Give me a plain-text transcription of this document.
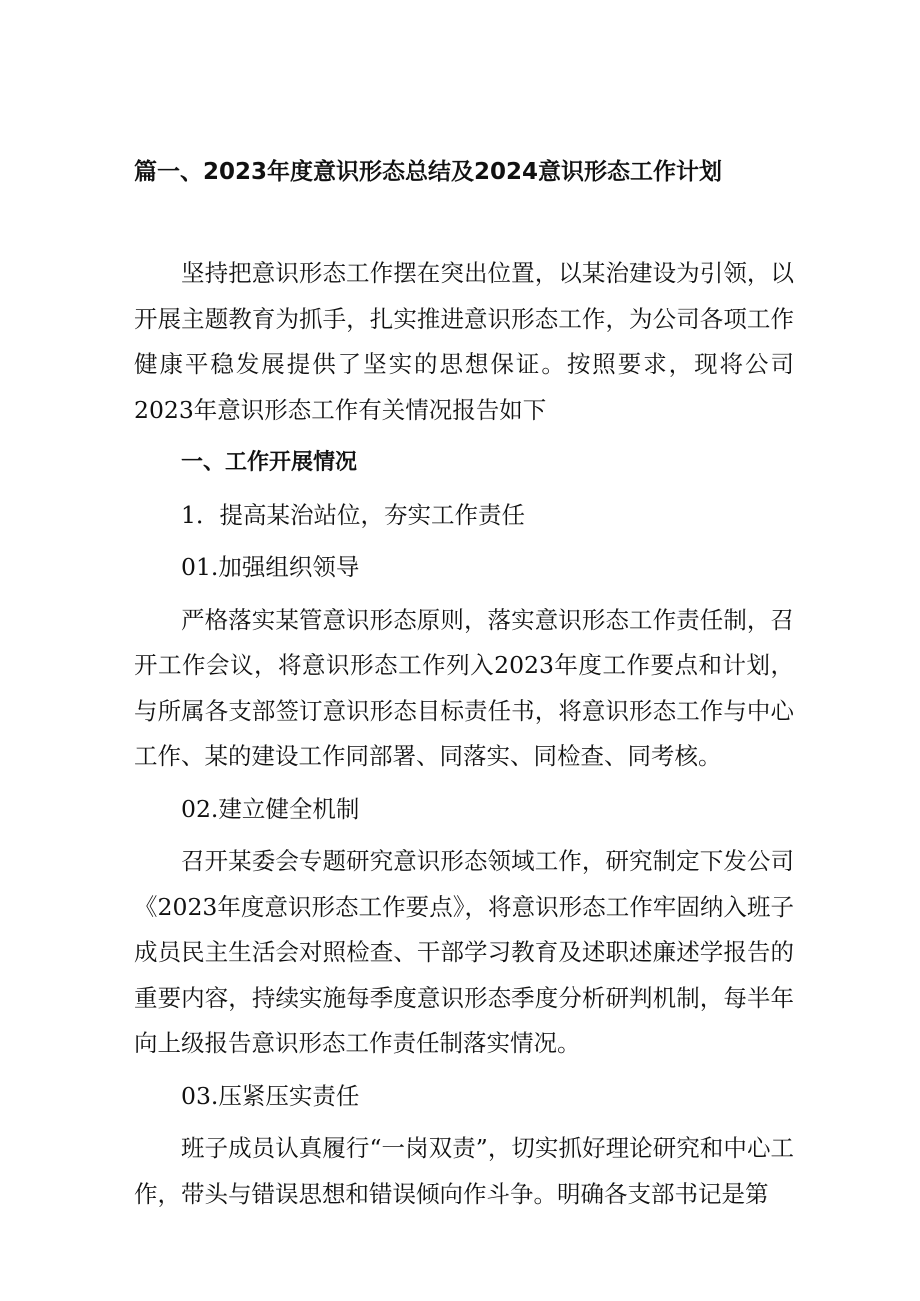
篇一、2023年度意识形态总结及2024意识形态工作计划

坚持把意识形态工作摆在突出位置，以某治建设为引领，以开展主题教育为抓手，扎实推进意识形态工作，为公司各项工作健康平稳发展提供了坚实的思想保证。按照要求，现将公司2023年意识形态工作有关情况报告如下

一、工作开展情况

1．提高某治站位，夯实工作责任

01.加强组织领导

严格落实某管意识形态原则，落实意识形态工作责任制，召开工作会议，将意识形态工作列入2023年度工作要点和计划，与所属各支部签订意识形态目标责任书，将意识形态工作与中心工作、某的建设工作同部署、同落实、同检查、同考核。

02.建立健全机制

召开某委会专题研究意识形态领域工作，研究制定下发公司《2023年度意识形态工作要点》，将意识形态工作牢固纳入班子成员民主生活会对照检查、干部学习教育及述职述廉述学报告的重要内容，持续实施每季度意识形态季度分析研判机制，每半年向上级报告意识形态工作责任制落实情况。

03.压紧压实责任

班子成员认真履行“一岗双责”，切实抓好理论研究和中心工作，带头与错误思想和错误倾向作斗争。明确各支部书记是第
